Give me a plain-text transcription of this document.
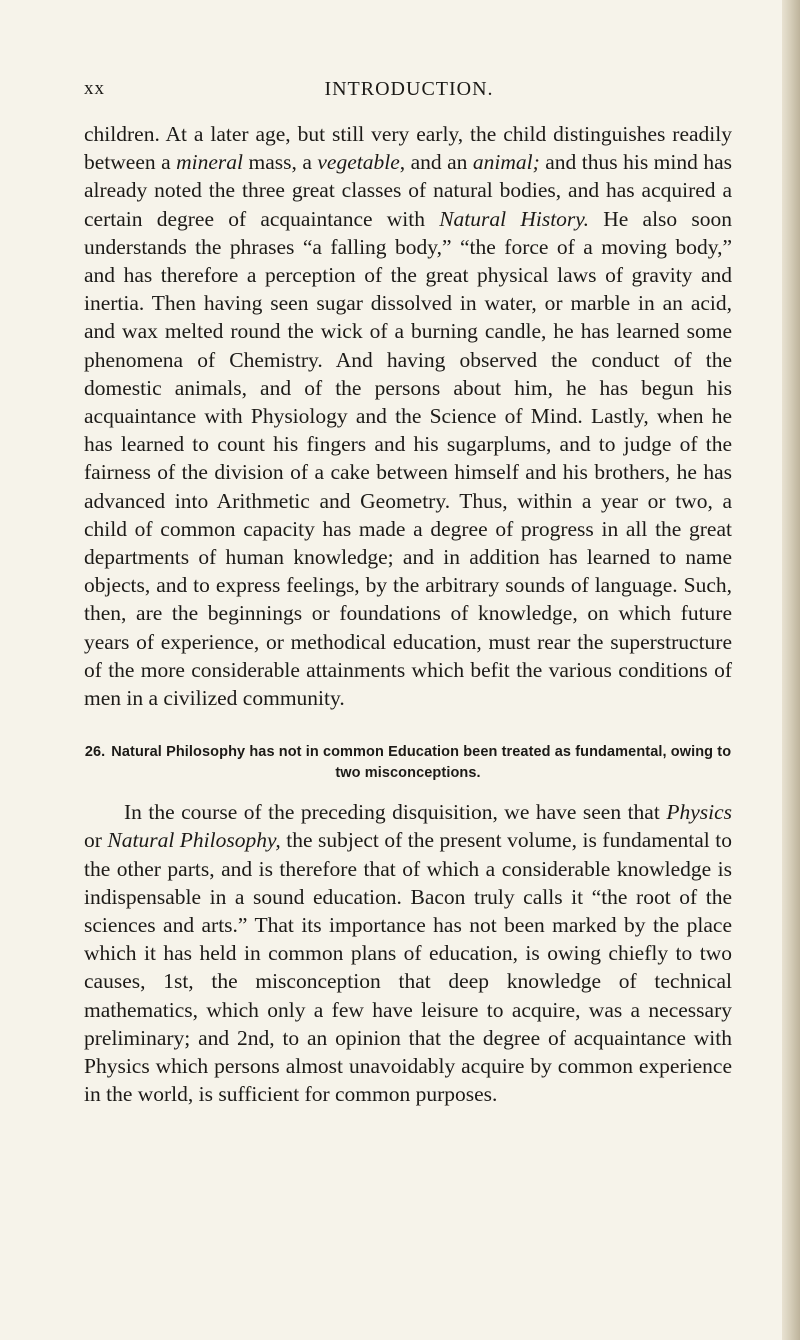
xx	INTRODUCTION.

children. At a later age, but still very early, the child distinguishes readily between a mineral mass, a vegetable, and an animal; and thus his mind has already noted the three great classes of natural bodies, and has acquired a certain degree of acquaintance with Natural History. He also soon understands the phrases “a falling body,” “the force of a moving body,” and has therefore a perception of the great physical laws of gravity and inertia. Then having seen sugar dissolved in water, or marble in an acid, and wax melted round the wick of a burning candle, he has learned some phenomena of Chemistry. And having observed the conduct of the domestic animals, and of the persons about him, he has begun his acquaintance with Physiology and the Science of Mind. Lastly, when he has learned to count his fingers and his sugarplums, and to judge of the fairness of the division of a cake between himself and his brothers, he has advanced into Arithmetic and Geometry. Thus, within a year or two, a child of common capacity has made a degree of progress in all the great departments of human knowledge; and in addition has learned to name objects, and to express feelings, by the arbitrary sounds of language. Such, then, are the beginnings or foundations of knowledge, on which future years of experience, or methodical education, must rear the superstructure of the more considerable attainments which befit the various conditions of men in a civilized community.

26. Natural Philosophy has not in common Education been treated as fundamental, owing to two misconceptions.

In the course of the preceding disquisition, we have seen that Physics or Natural Philosophy, the subject of the present volume, is fundamental to the other parts, and is therefore that of which a considerable knowledge is indispensable in a sound education. Bacon truly calls it “the root of the sciences and arts.” That its importance has not been marked by the place which it has held in common plans of education, is owing chiefly to two causes, 1st, the misconception that deep knowledge of technical mathematics, which only a few have leisure to acquire, was a necessary preliminary; and 2nd, to an opinion that the degree of acquaintance with Physics which persons almost unavoidably acquire by common experience in the world, is sufficient for common purposes.
